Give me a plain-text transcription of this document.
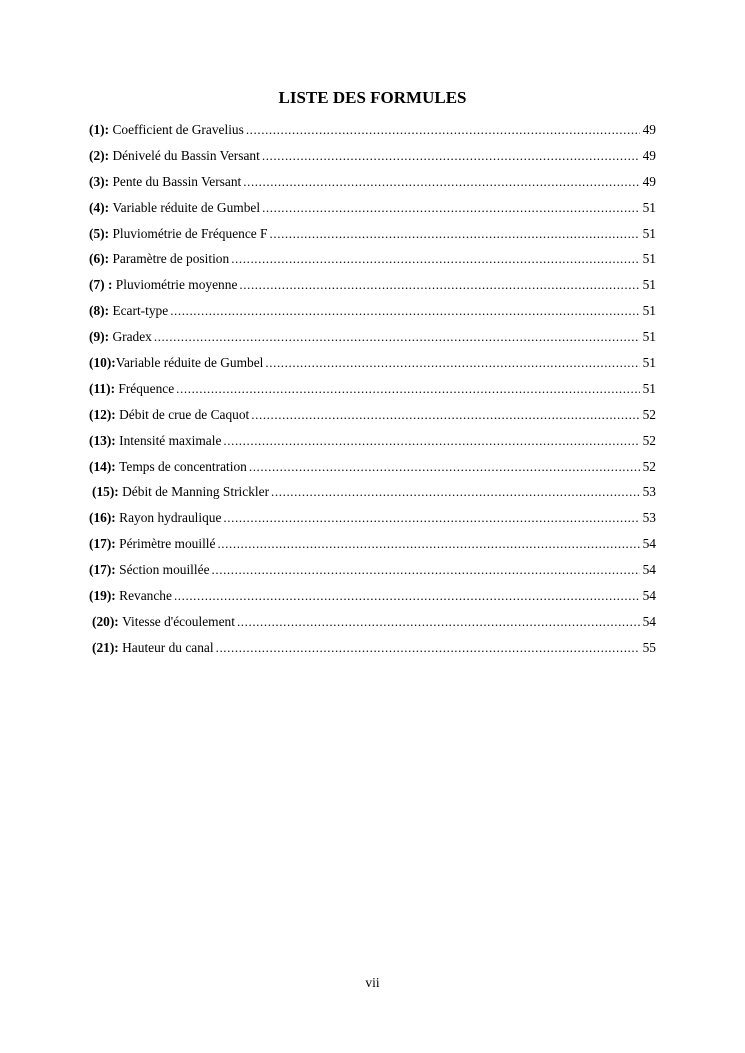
LISTE DES FORMULES
(1):
Coefficient de Gravelius .....	49
(2):
Dénivelé du Bassin Versant .....	49
(3):
Pente du Bassin Versant .....	49
(4):
Variable réduite de Gumbel .....	51
(5):
Pluviométrie de Fréquence F .....	51
(6):
Paramètre de position .....	51
(7) :
Pluviométrie moyenne .....	51
(8):
Ecart-type .....	51
(9):
Gradex .....	51
(10): Variable réduite de Gumbel .....	51
(11):
Fréquence .....	51
(12):
Débit de crue de Caquot .....	52
(13):
Intensité maximale .....	52
(14):
Temps de concentration .....	52
(15):
Débit de Manning Strickler .....	53
(16):
Rayon hydraulique .....	53
(17):
Périmètre mouillé .....	54
(17):
Séction mouillée .....	54
(19):
Revanche .....	54
(20):
Vitesse d'écoulement .....	54
(21):
Hauteur du canal .....	55
vii
